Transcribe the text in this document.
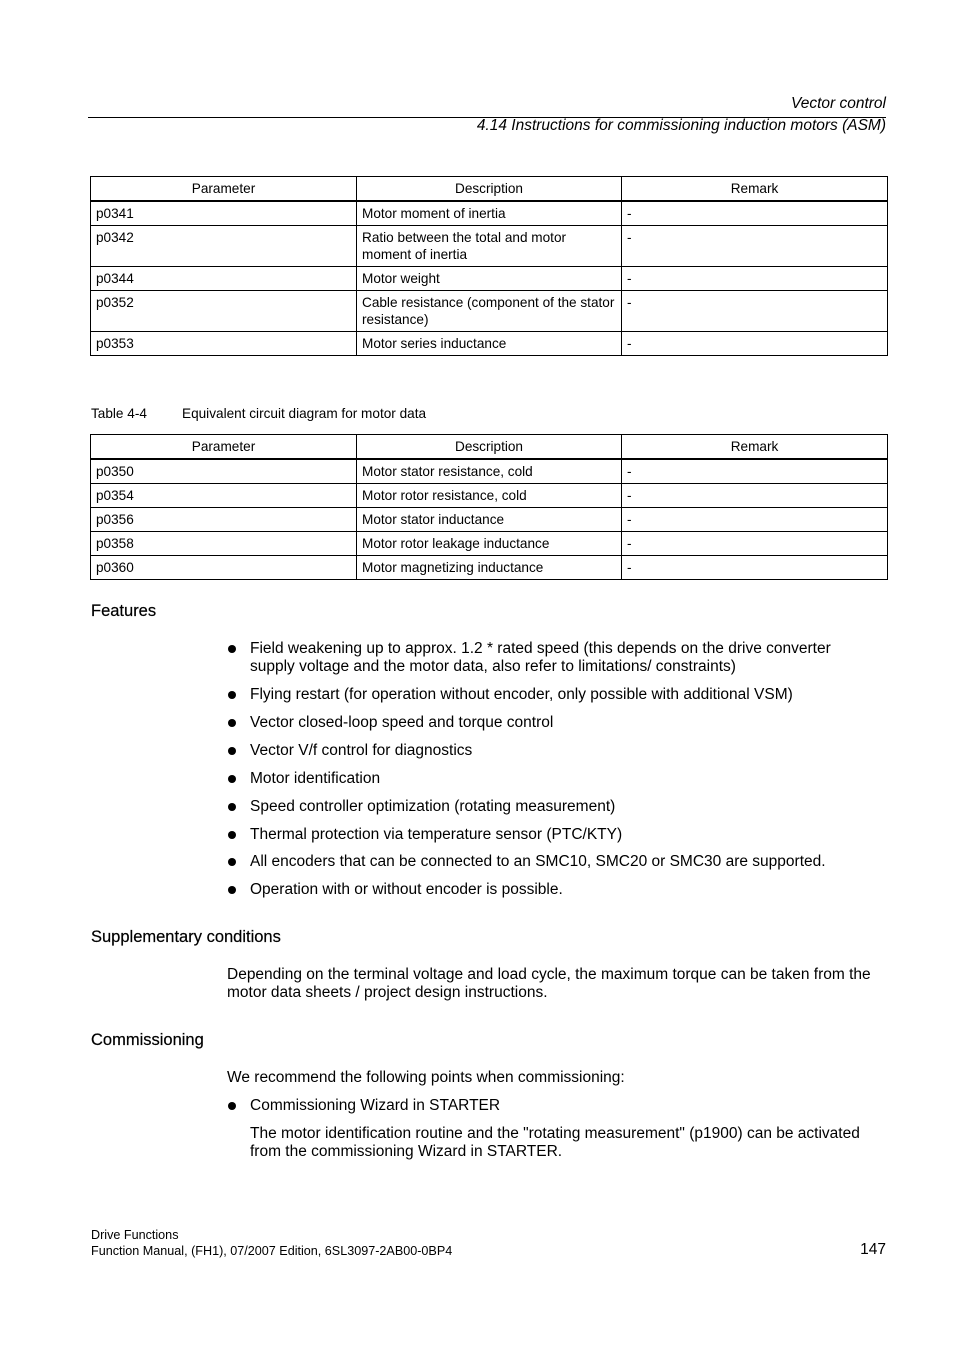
Vector control
4.14 Instructions for commissioning induction motors (ASM)
Parameter	Description	Remark
p0341	Motor moment of inertia	-
p0342	Ratio between the total and motor moment of inertia	-
p0344	Motor weight	-
p0352	Cable resistance (component of the stator resistance)	-
p0353	Motor series inductance	-
Table 4-4	Equivalent circuit diagram for motor data
Parameter	Description	Remark
p0350	Motor stator resistance, cold	-
p0354	Motor rotor resistance, cold	-
p0356	Motor stator inductance	-
p0358	Motor rotor leakage inductance	-
p0360	Motor magnetizing inductance	-
Features
Field weakening up to approx. 1.2 * rated speed (this depends on the drive converter supply voltage and the motor data, also refer to limitations/ constraints)
Flying restart (for operation without encoder, only possible with additional VSM)
Vector closed-loop speed and torque control
Vector V/f control for diagnostics
Motor identification
Speed controller optimization (rotating measurement)
Thermal protection via temperature sensor (PTC/KTY)
All encoders that can be connected to an SMC10, SMC20 or SMC30 are supported.
Operation with or without encoder is possible.
Supplementary conditions

Depending on the terminal voltage and load cycle, the maximum torque can be taken from the motor data sheets / project design instructions.

Commissioning

We recommend the following points when commissioning:

Commissioning Wizard in STARTER

The motor identification routine and the "rotating measurement" (p1900) can be activated from the commissioning Wizard in STARTER.

Drive Functions
Function Manual, (FH1), 07/2007 Edition, 6SL3097-2AB00-0BP4	147
